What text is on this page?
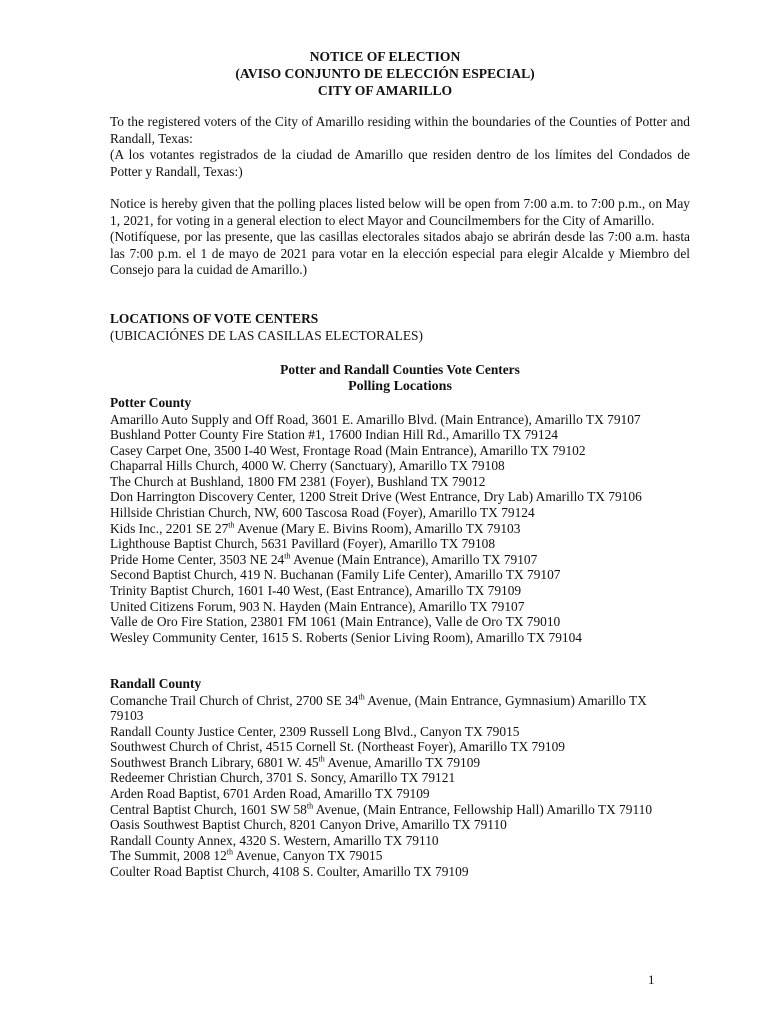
NOTICE OF ELECTION
(AVISO CONJUNTO DE ELECCIÓN ESPECIAL)
CITY OF AMARILLO
To the registered voters of the City of Amarillo residing within the boundaries of the Counties of Potter and Randall, Texas:
(A los votantes registrados de la ciudad de Amarillo que residen dentro de los límites del Condados de Potter y Randall, Texas:)
Notice is hereby given that the polling places listed below will be open from 7:00 a.m. to 7:00 p.m., on May 1, 2021, for voting in a general election to elect Mayor and Councilmembers for the City of Amarillo.
(Notifíquese, por las presente, que las casillas electorales sitados abajo se abrirán desde las 7:00 a.m. hasta las 7:00 p.m. el 1 de mayo de 2021 para votar en la elección especial para elegir Alcalde y Miembro del Consejo para la cuidad de Amarillo.)
LOCATIONS OF VOTE CENTERS
(UBICACIÓNES DE LAS CASILLAS ELECTORALES)
Potter and Randall Counties Vote Centers
Polling Locations
Potter County
Amarillo Auto Supply and Off Road, 3601 E. Amarillo Blvd. (Main Entrance), Amarillo TX 79107
Bushland Potter County Fire Station #1, 17600 Indian Hill Rd., Amarillo TX 79124
Casey Carpet One, 3500 I-40 West, Frontage Road (Main Entrance), Amarillo TX 79102
Chaparral Hills Church, 4000 W. Cherry (Sanctuary), Amarillo TX 79108
The Church at Bushland, 1800 FM 2381 (Foyer), Bushland TX 79012
Don Harrington Discovery Center, 1200 Streit Drive (West Entrance, Dry Lab) Amarillo TX 79106
Hillside Christian Church, NW, 600 Tascosa Road (Foyer), Amarillo TX 79124
Kids Inc., 2201 SE 27th Avenue (Mary E. Bivins Room), Amarillo TX 79103
Lighthouse Baptist Church, 5631 Pavillard (Foyer), Amarillo TX 79108
Pride Home Center, 3503 NE 24th Avenue (Main Entrance), Amarillo TX 79107
Second Baptist Church, 419 N. Buchanan (Family Life Center), Amarillo TX 79107
Trinity Baptist Church, 1601 I-40 West, (East Entrance), Amarillo TX 79109
United Citizens Forum, 903 N. Hayden (Main Entrance), Amarillo TX 79107
Valle de Oro Fire Station, 23801 FM 1061 (Main Entrance), Valle de Oro TX 79010
Wesley Community Center, 1615 S. Roberts (Senior Living Room), Amarillo TX 79104
Randall County
Comanche Trail Church of Christ, 2700 SE 34th Avenue, (Main Entrance, Gymnasium) Amarillo TX
79103
Randall County Justice Center, 2309 Russell Long Blvd., Canyon TX 79015
Southwest Church of Christ, 4515 Cornell St. (Northeast Foyer), Amarillo TX 79109
Southwest Branch Library, 6801 W. 45th Avenue, Amarillo TX 79109
Redeemer Christian Church, 3701 S. Soncy, Amarillo TX 79121
Arden Road Baptist, 6701 Arden Road, Amarillo TX 79109
Central Baptist Church, 1601 SW 58th Avenue, (Main Entrance, Fellowship Hall) Amarillo TX 79110
Oasis Southwest Baptist Church, 8201 Canyon Drive, Amarillo TX 79110
Randall County Annex, 4320 S. Western, Amarillo TX 79110
The Summit, 2008 12th Avenue, Canyon TX 79015
Coulter Road Baptist Church, 4108 S. Coulter, Amarillo TX 79109
1
